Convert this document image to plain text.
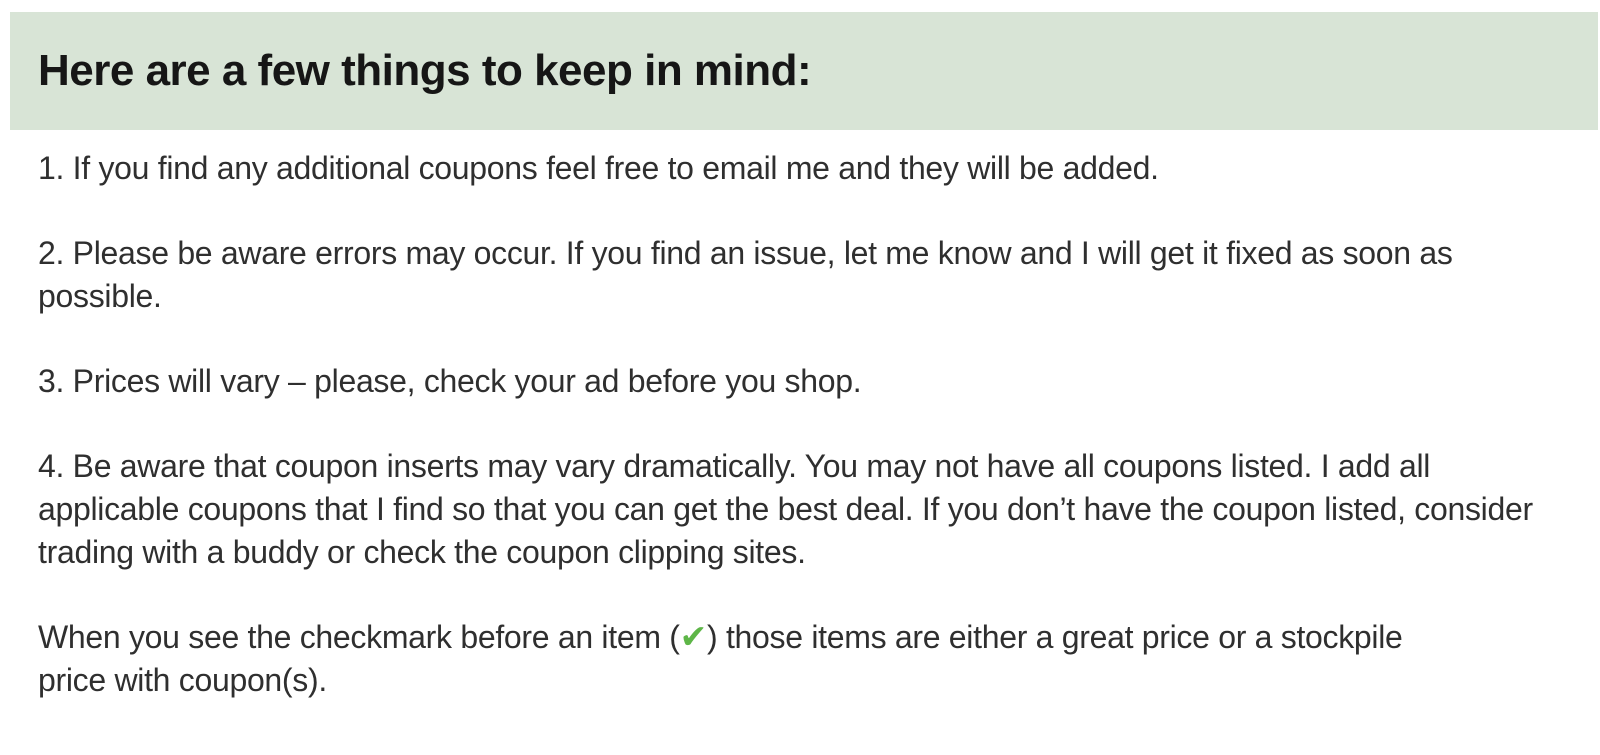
Here are a few things to keep in mind:

1. If you find any additional coupons feel free to email me and they will be added.

2. Please be aware errors may occur. If you find an issue, let me know and I will get it fixed as soon as possible.

3. Prices will vary – please, check your ad before you shop.

4. Be aware that coupon inserts may vary dramatically. You may not have all coupons listed. I add all applicable coupons that I find so that you can get the best deal. If you don’t have the coupon listed, consider trading with a buddy or check the coupon clipping sites.

When you see the checkmark before an item (✔) those items are either a great price or a stockpile price with coupon(s).
